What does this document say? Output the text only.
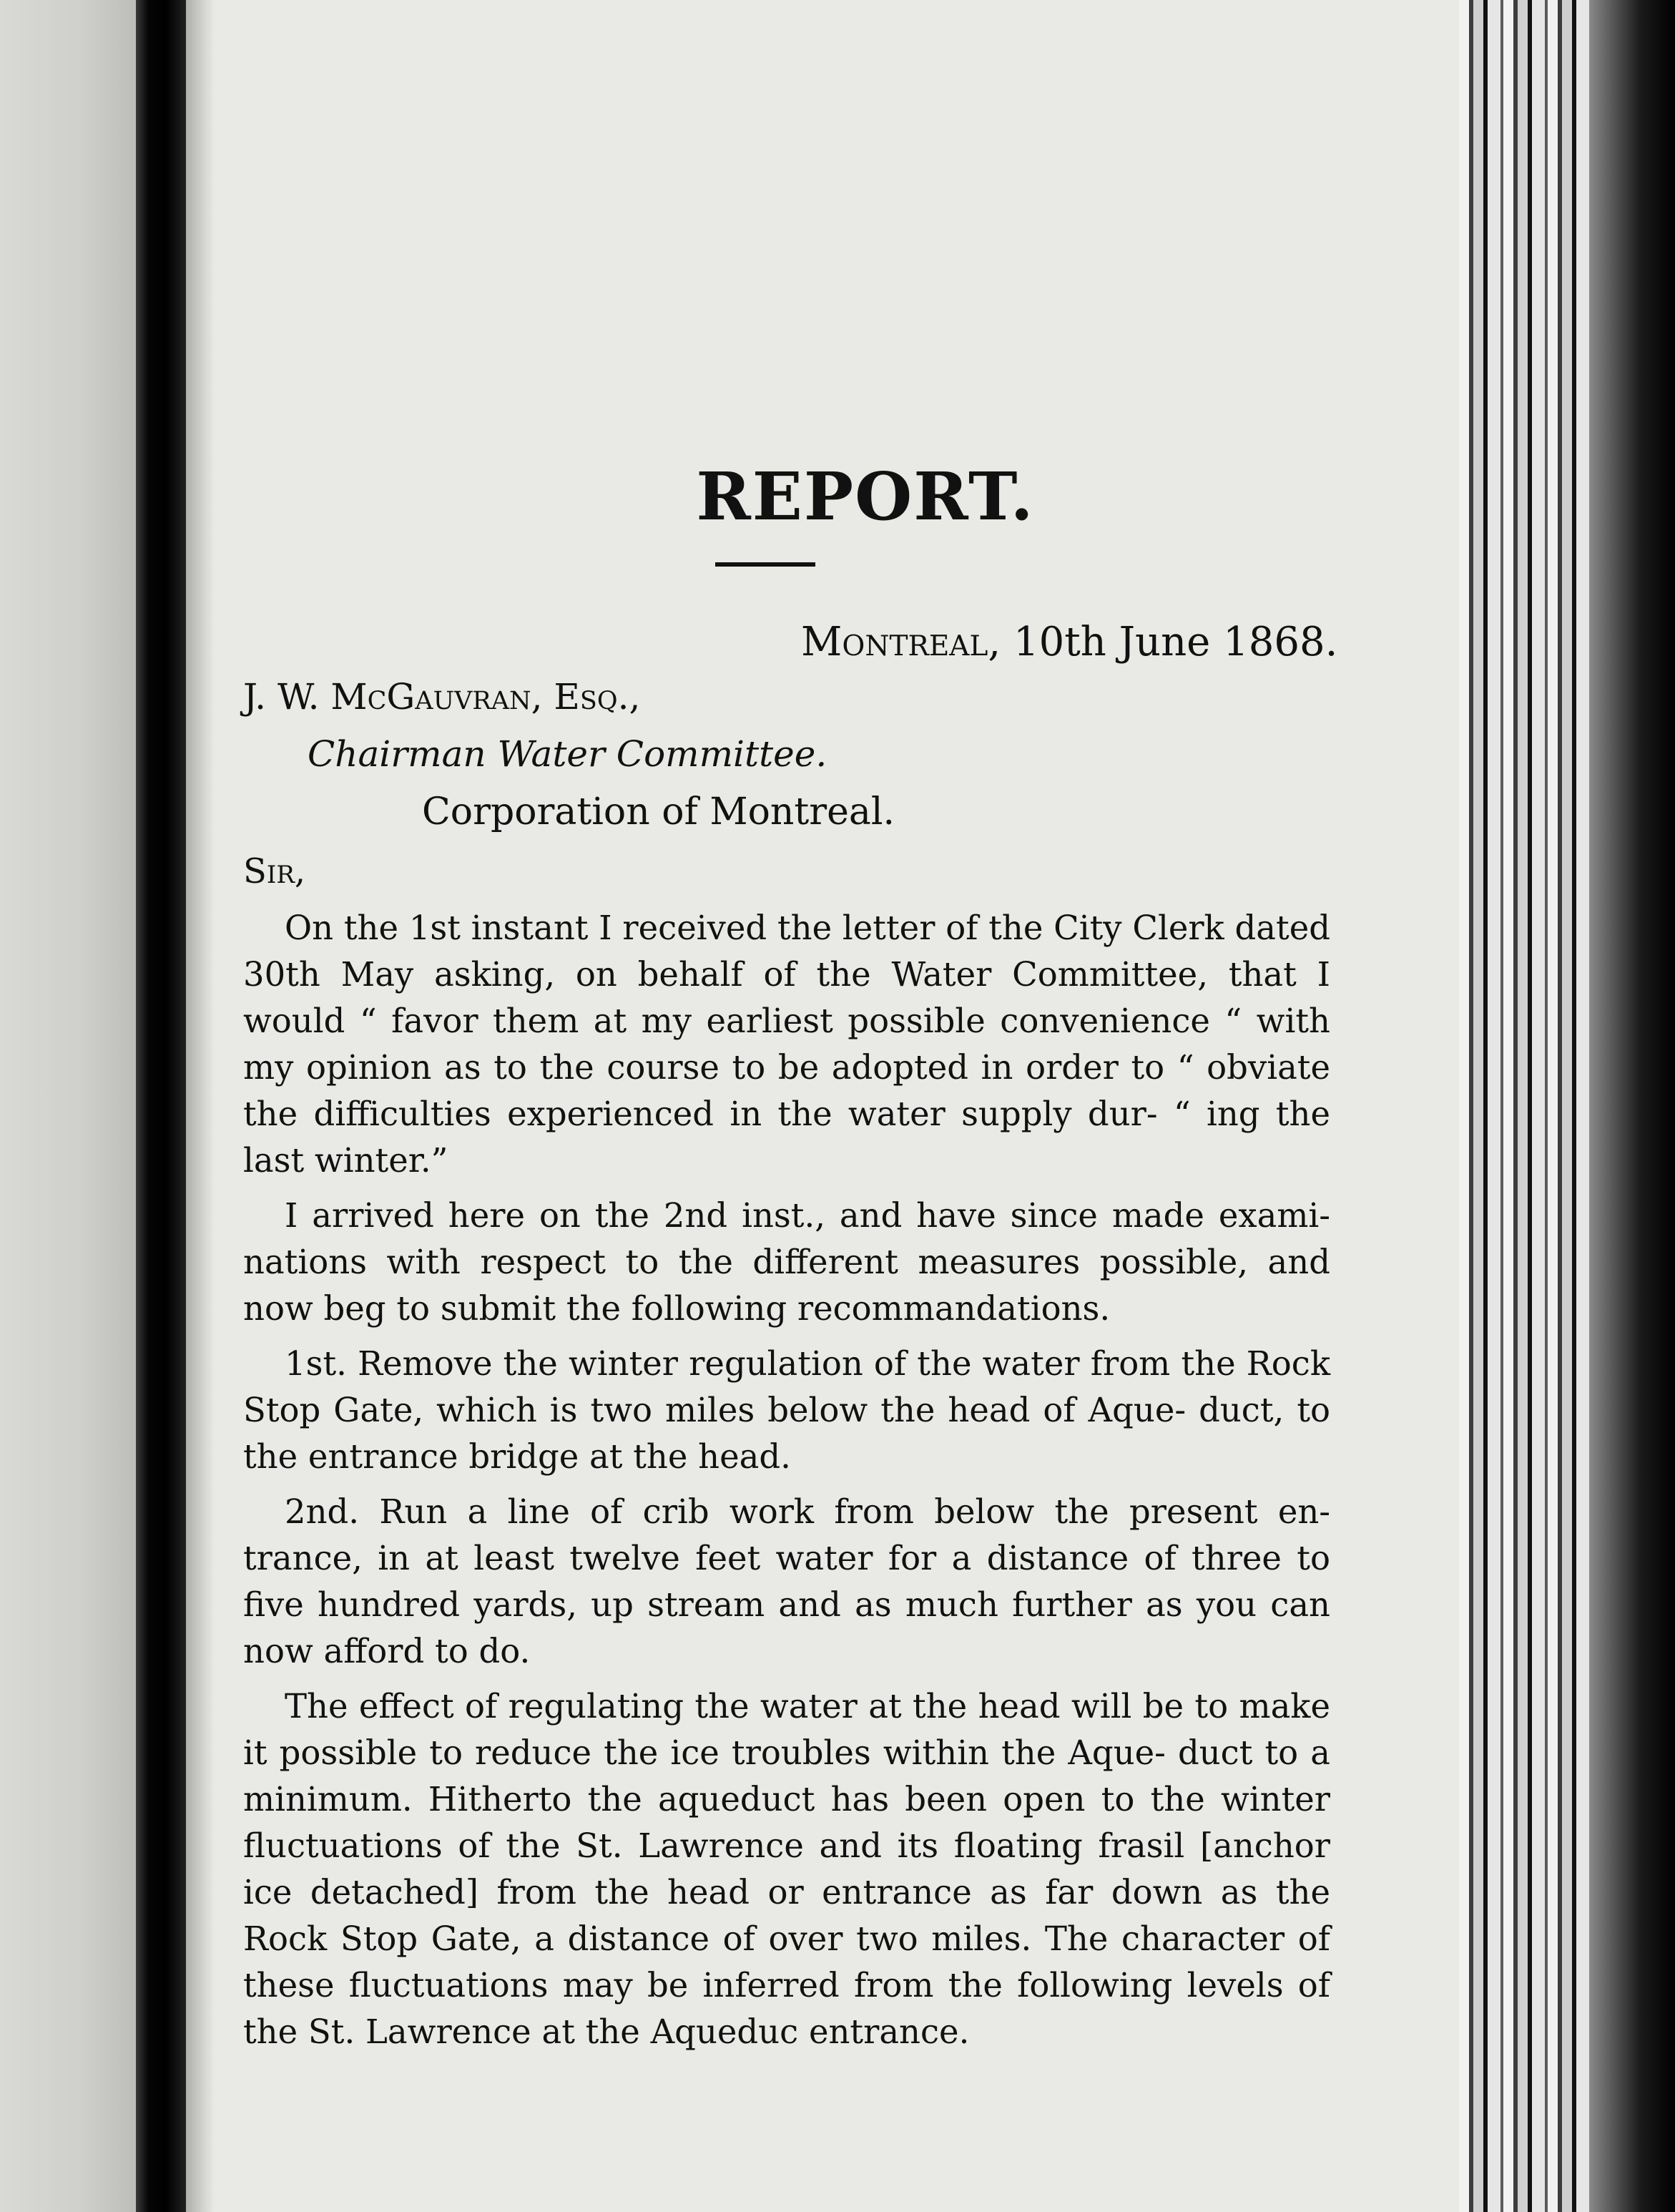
REPORT.

Montreal, 10th June 1868.

J. W. McGauvran, Esq.,

Chairman Water Committee.

Corporation of Montreal.

Sir,

On the 1st instant I received the letter of the City Clerk dated 30th May asking, on behalf of the Water Committee, that I would “ favor them at my earliest possible convenience “ with my opinion as to the course to be adopted in order to “ obviate the difficulties experienced in the water supply dur- “ ing the last winter.”

I arrived here on the 2nd inst., and have since made exami- nations with respect to the different measures possible, and now beg to submit the following recommandations.

1st. Remove the winter regulation of the water from the Rock Stop Gate, which is two miles below the head of Aque- duct, to the entrance bridge at the head.

2nd. Run a line of crib work from below the present en- trance, in at least twelve feet water for a distance of three to five hundred yards, up stream and as much further as you can now afford to do.

The effect of regulating the water at the head will be to make it possible to reduce the ice troubles within the Aque- duct to a minimum. Hitherto the aqueduct has been open to the winter fluctuations of the St. Lawrence and its floating frasil [anchor ice detached] from the head or entrance as far down as the Rock Stop Gate, a distance of over two miles. The character of these fluctuations may be inferred from the following levels of the St. Lawrence at the Aqueduc entrance.
